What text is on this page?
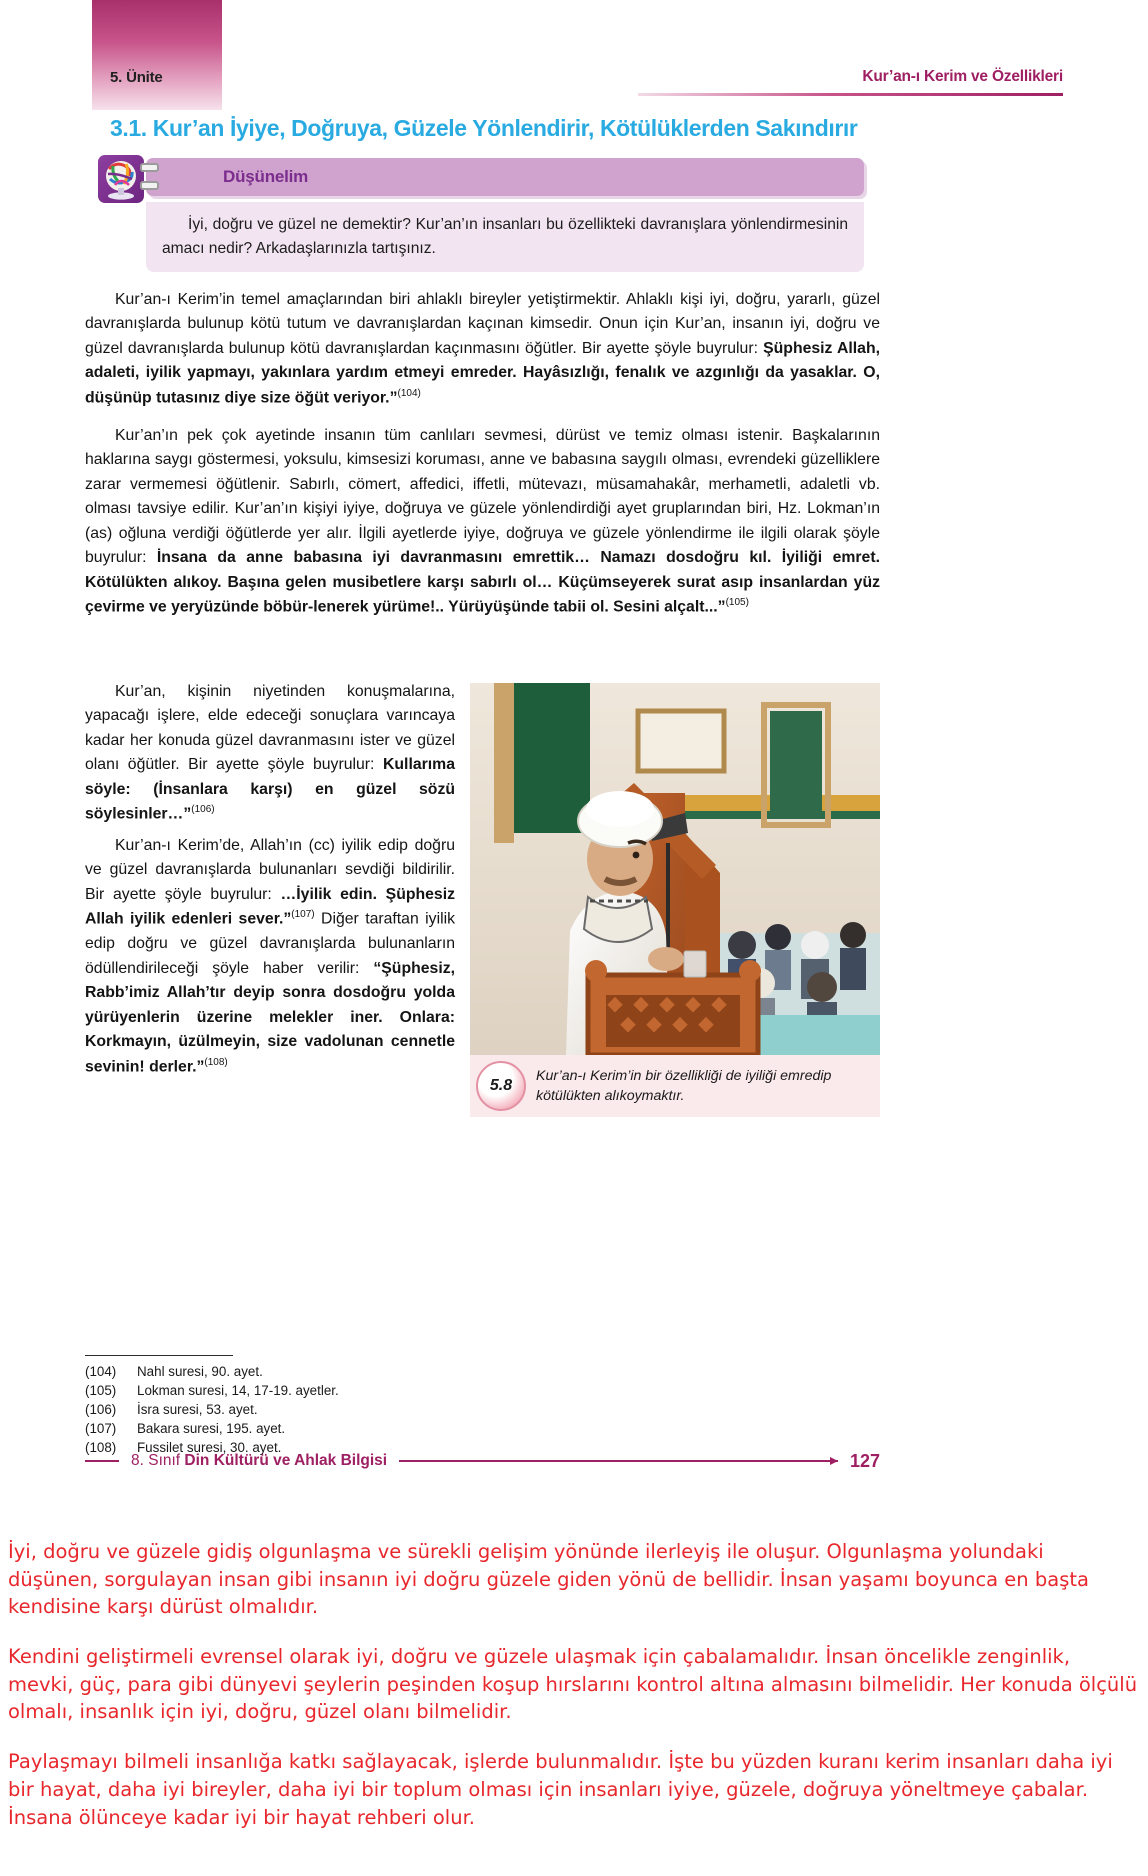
5. Ünite	Kur’an-ı Kerim ve Özellikleri
3.1. Kur’an İyiye, Doğruya, Güzele Yönlendirir, Kötülüklerden Sakındırır
Düşünelim

İyi, doğru ve güzel ne demektir? Kur’an’ın insanları bu özellikteki davranışlara yönlendirmesinin amacı nedir? Arkadaşlarınızla tartışınız.

Kur’an-ı Kerim’in temel amaçlarından biri ahlaklı bireyler yetiştirmektir. Ahlaklı kişi iyi, doğru, yararlı, güzel davranışlarda bulunup kötü tutum ve davranışlardan kaçınan kimsedir. Onun için Kur’an, insanın iyi, doğru ve güzel davranışlarda bulunup kötü davranışlardan kaçınmasını öğütler. Bir ayette şöyle buyrulur: Şüphesiz Allah, adaleti, iyilik yapmayı, yakınlara yardım etmeyi emreder. Hayâsızlığı, fenalık ve azgınlığı da yasaklar. O, düşünüp tutasınız diye size öğüt veriyor.”$^{(104)}$
Kur’an’ın pek çok ayetinde insanın tüm canlıları sevmesi, dürüst ve temiz olması istenir. Başkalarının haklarına saygı göstermesi, yoksulu, kimsesizi koruması, anne ve babasına saygılı olması, evrendeki güzelliklere zarar vermemesi öğütlenir. Sabırlı, cömert, affedici, iffetli, mütevazı, müsamahakâr, merhametli, adaletli vb. olması tavsiye edilir. Kur’an’ın kişiyi iyiye, doğruya ve güzele yönlendirdiği ayet gruplarından biri, Hz. Lokman’ın (as) oğluna verdiği öğütlerde yer alır. İlgili ayetlerde iyiye, doğruya ve güzele yönlendirme ile ilgili olarak şöyle buyrulur: İnsana da anne babasına iyi davranmasını emrettik… Namazı dosdoğru kıl. İyiliği emret. Kötülükten alıkoy. Başına gelen musibetlere karşı sabırlı ol… Küçümseyerek surat asıp insanlardan yüz çevirme ve yeryüzünde böbür-lenerek yürüme!.. Yürüyüşünde tabii ol. Sesini alçalt...”$^{(105)}$
Kur’an, kişinin niyetinden konuşmalarına, yapacağı işlere, elde edeceği sonuçlara varıncaya kadar her konuda güzel davranmasını ister ve güzel olanı öğütler. Bir ayette şöyle buyrulur: Kullarıma söyle: (İnsanlara karşı) en güzel sözü söylesinler…”$^{(106)}$
Kur’an-ı Kerim’de, Allah’ın (cc) iyilik edip doğru ve güzel davranışlarda bulunanları sevdiği bildirilir. Bir ayette şöyle buyrulur: …İyilik edin. Şüphesiz Allah iyilik edenleri sever.”$^{(107)}$ Diğer taraftan iyilik edip doğru ve güzel davranışlarda bulunanların ödüllendirileceği şöyle haber verilir: “Şüphesiz, Rabb’imiz Allah’tır deyip sonra dosdoğru yolda yürüyenlerin üzerine melekler iner. Onlara: Korkmayın, üzülmeyin, size vadolunan cennetle sevinin! derler.”$^{(108)}$
5.8
Kur’an-ı Kerim’in bir özellikliği de iyiliği emredip kötülükten alıkoymaktır.
(104) Nahl suresi, 90. ayet.
(105) Lokman suresi, 14, 17-19. ayetler.
(106) İsra suresi, 53. ayet.
(107) Bakara suresi, 195. ayet.
(108) Fussilet suresi, 30. ayet.
8. Sınıf Din Kültürü ve Ahlak Bilgisi	127

İyi, doğru ve güzele gidiş olgunlaşma ve sürekli gelişim yönünde ilerleyiş ile oluşur. Olgunlaşma yolundaki düşünen, sorgulayan insan gibi insanın iyi doğru güzele giden yönü de bellidir. İnsan yaşamı boyunca en başta kendisine karşı dürüst olmalıdır.

Kendini geliştirmeli evrensel olarak iyi, doğru ve güzele ulaşmak için çabalamalıdır. İnsan öncelikle zenginlik, mevki, güç, para gibi dünyevi şeylerin peşinden koşup hırslarını kontrol altına almasını bilmelidir. Her konuda ölçülü olmalı, insanlık için iyi, doğru, güzel olanı bilmelidir.

Paylaşmayı bilmeli insanlığa katkı sağlayacak, işlerde bulunmalıdır. İşte bu yüzden kuranı kerim insanları daha iyi bir hayat, daha iyi bireyler, daha iyi bir toplum olması için insanları iyiye, güzele, doğruya yöneltmeye çabalar. İnsana ölünceye kadar iyi bir hayat rehberi olur.
